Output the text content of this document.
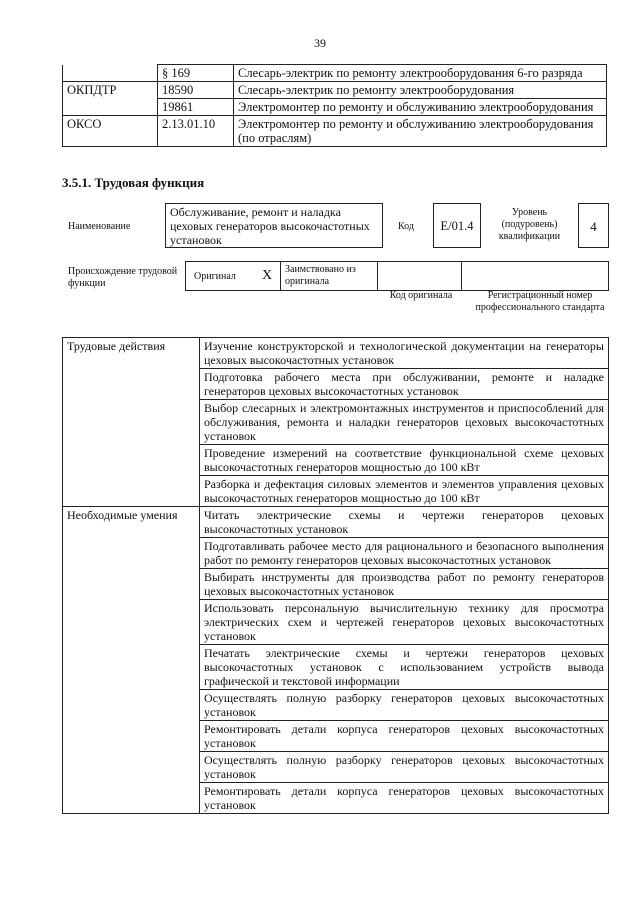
39
	§ 169	Слесарь-электрик по ремонту электрооборудования 6-го разряда
ОКПДТР	18590	Слесарь-электрик по ремонту электрооборудования
	19861	Электромонтер по ремонту и обслуживанию электрооборудования
ОКСО	2.13.01.10	Электромонтер по ремонту и обслуживанию электрооборудования (по отраслям)
3.5.1. Трудовая функция
Наименование
Обслуживание, ремонт и наладка цеховых генераторов высокочастотных установок
Код	E/01.4
Уровень (подуровень) квалификации
4
Происхождение трудовой функции
Оригинал X Заимствовано из оригинала
Код оригинала	Регистрационный номер профессионального стандарта
Трудовые действия	Изучение конструкторской и технологической документации на генераторы цеховых высокочастотных установок
	Подготовка рабочего места при обслуживании, ремонте и наладке генераторов цеховых высокочастотных установок
	Выбор слесарных и электромонтажных инструментов и приспособлений для обслуживания, ремонта и наладки генераторов цеховых высокочастотных установок
	Проведение измерений на соответствие функциональной схеме цеховых высокочастотных генераторов мощностью до 100 кВт
	Разборка и дефектация силовых элементов и элементов управления цеховых высокочастотных генераторов мощностью до 100 кВт
Необходимые умения	Читать электрические схемы и чертежи генераторов цеховых высокочастотных установок
	Подготавливать рабочее место для рационального и безопасного выполнения работ по ремонту генераторов цеховых высокочастотных установок
	Выбирать инструменты для производства работ по ремонту генераторов цеховых высокочастотных установок
	Использовать персональную вычислительную технику для просмотра электрических схем и чертежей генераторов цеховых высокочастотных установок
	Печатать электрические схемы и чертежи генераторов цеховых высокочастотных установок с использованием устройств вывода графической и текстовой информации
	Осуществлять полную разборку генераторов цеховых высокочастотных установок
	Ремонтировать детали корпуса генераторов цеховых высокочастотных установок
	Осуществлять полную разборку генераторов цеховых высокочастотных установок
	Ремонтировать детали корпуса генераторов цеховых высокочастотных установок
